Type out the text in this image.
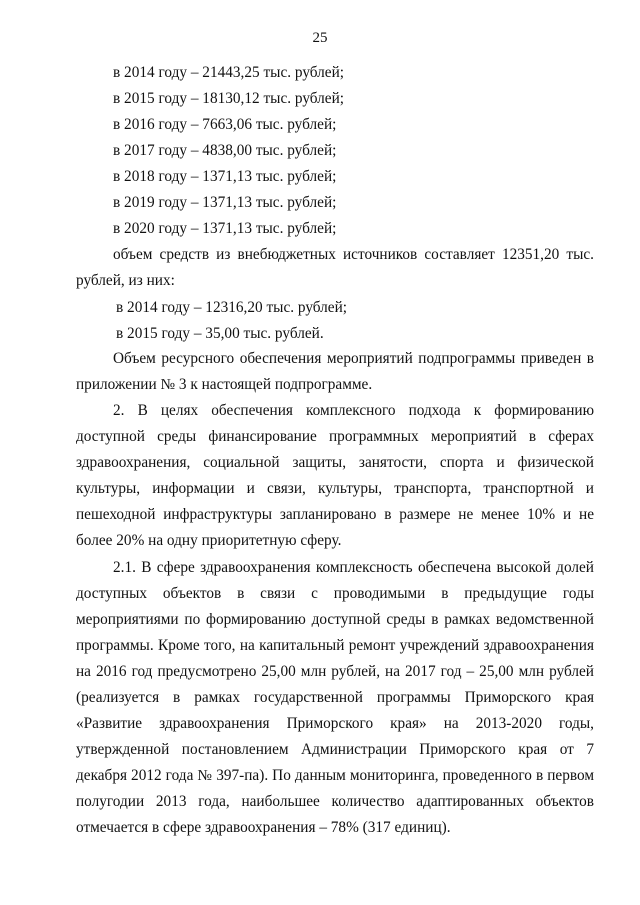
25
в 2014 году – 21443,25 тыс. рублей;
в 2015 году – 18130,12 тыс. рублей;
в 2016 году – 7663,06 тыс. рублей;
в 2017 году – 4838,00 тыс. рублей;
в 2018 году – 1371,13 тыс. рублей;
в 2019 году – 1371,13 тыс. рублей;
в 2020 году – 1371,13 тыс. рублей;

объем средств из внебюджетных источников составляет 12351,20 тыс. рублей, из них:

в 2014 году – 12316,20 тыс. рублей;
в 2015 году – 35,00 тыс. рублей.

Объем ресурсного обеспечения мероприятий подпрограммы приведен в приложении № 3 к настоящей подпрограмме.

2. В целях обеспечения комплексного подхода к формированию доступной среды финансирование программных мероприятий в сферах здравоохранения, социальной защиты, занятости, спорта и физической культуры, информации и связи, культуры, транспорта, транспортной и пешеходной инфраструктуры запланировано в размере не менее 10% и не более 20% на одну приоритетную сферу.

2.1. В сфере здравоохранения комплексность обеспечена высокой долей доступных объектов в связи с проводимыми в предыдущие годы мероприятиями по формированию доступной среды в рамках ведомственной программы. Кроме того, на капитальный ремонт учреждений здравоохранения на 2016 год предусмотрено 25,00 млн рублей, на 2017 год – 25,00 млн рублей (реализуется в рамках государственной программы Приморского края «Развитие здравоохранения Приморского края» на 2013-2020 годы, утвержденной постановлением Администрации Приморского края от 7 декабря 2012 года № 397-па). По данным мониторинга, проведенного в первом полугодии 2013 года, наибольшее количество адаптированных объектов отмечается в сфере здравоохранения – 78% (317 единиц).
